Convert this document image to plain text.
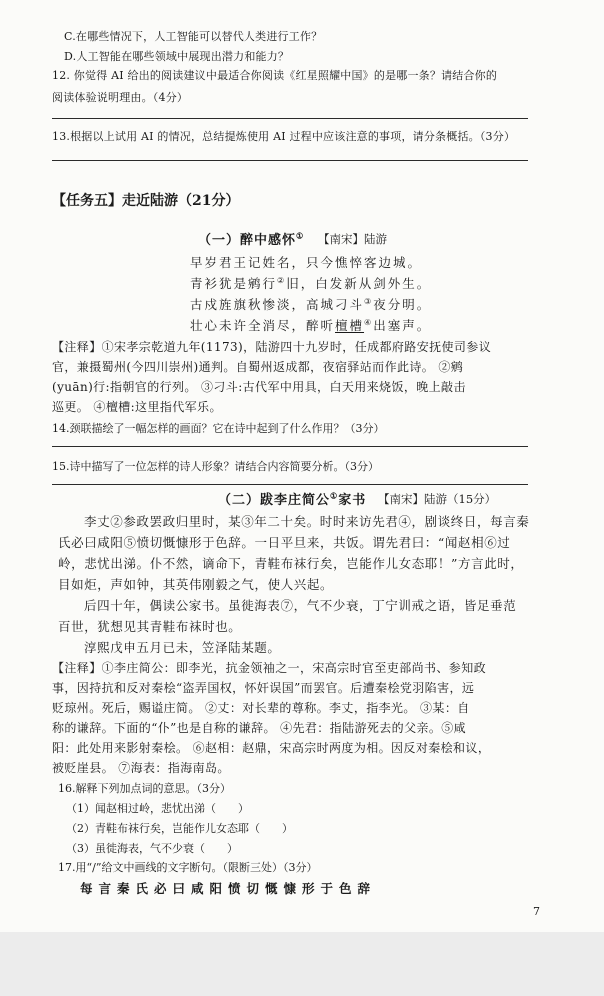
C.在哪些情况下，人工智能可以替代人类进行工作？
D.人工智能在哪些领域中展现出潜力和能力？
12. 你觉得 AI 给出的阅读建议中最适合你阅读《红星照耀中国》的是哪一条？请结合你的
阅读体验说明理由。（4分）
13.根据以上试用 AI 的情况，总结提炼使用 AI 过程中应该注意的事项，请分条概括。（3分）
【任务五】走近陆游（21分）
（一）醉中感怀① 【南宋】陆游
早岁君王记姓名，只今憔悴客边城。
青衫犹是鹓行②旧，白发新从剑外生。
古戍旌旗秋惨淡，高城刁斗③夜分明。
壮心未许全消尽，醉听檀槽④出塞声。
【注释】①宋孝宗乾道九年(1173)，陆游四十九岁时，任成都府路安抚使司参议
官，兼摄蜀州(今四川崇州)通判。自蜀州返成都，夜宿驿站而作此诗。 ②鹓
(yuān)行:指朝官的行列。 ③刁斗:古代军中用具，白天用来烧饭，晚上敲击
巡更。 ④檀槽:这里指代军乐。
14.颈联描绘了一幅怎样的画面？它在诗中起到了什么作用？（3分）
15.诗中描写了一位怎样的诗人形象？请结合内容简要分析。（3分）
（二）跋李庄简公①家书 【南宋】陆游（15分）
李丈②参政罢政归里时，某③年二十矣。时时来访先君④，剧谈终日，每言秦
氏必曰咸阳⑤愤切慨慷形于色辞。一日平旦来，共饭。谓先君曰：“闻赵相⑥过
岭，悲忧出涕。仆不然，谪命下，青鞋布袜行矣，岂能作儿女态耶！”方言此时，
目如炬，声如钟，其英伟刚毅之气，使人兴起。
后四十年，偶读公家书。虽徙海表⑦，气不少衰，丁宁训戒之语，皆足垂范
百世，犹想见其青鞋布袜时也。
淳熙戊申五月已未，笠泽陆某题。
【注释】①李庄简公：即李光，抗金领袖之一，宋高宗时官至吏部尚书、参知政
事，因持抗和反对秦桧“盗弄国权，怀奸误国”而罢官。后遭秦桧党羽陷害，远
贬琼州。死后，赐谥庄简。 ②丈：对长辈的尊称。李丈，指李光。 ③某：自
称的谦辞。下面的“仆”也是自称的谦辞。 ④先君：指陆游死去的父亲。⑤咸
阳：此处用来影射秦桧。 ⑥赵相：赵鼎，宋高宗时两度为相。因反对秦桧和议，
被贬崖县。 ⑦海表：指海南岛。
16.解释下列加点词的意思。（3分）
（1）闻赵相过岭，悲忧出涕（　　）
（2）青鞋布袜行矣，岂能作儿女态耶（　　）
（3）虽徙海表，气不少衰（　　）
17.用“/”给文中画线的文字断句。（限断三处）（3分）
每言秦氏必曰咸阳愤切慨慷形于色辞
7
